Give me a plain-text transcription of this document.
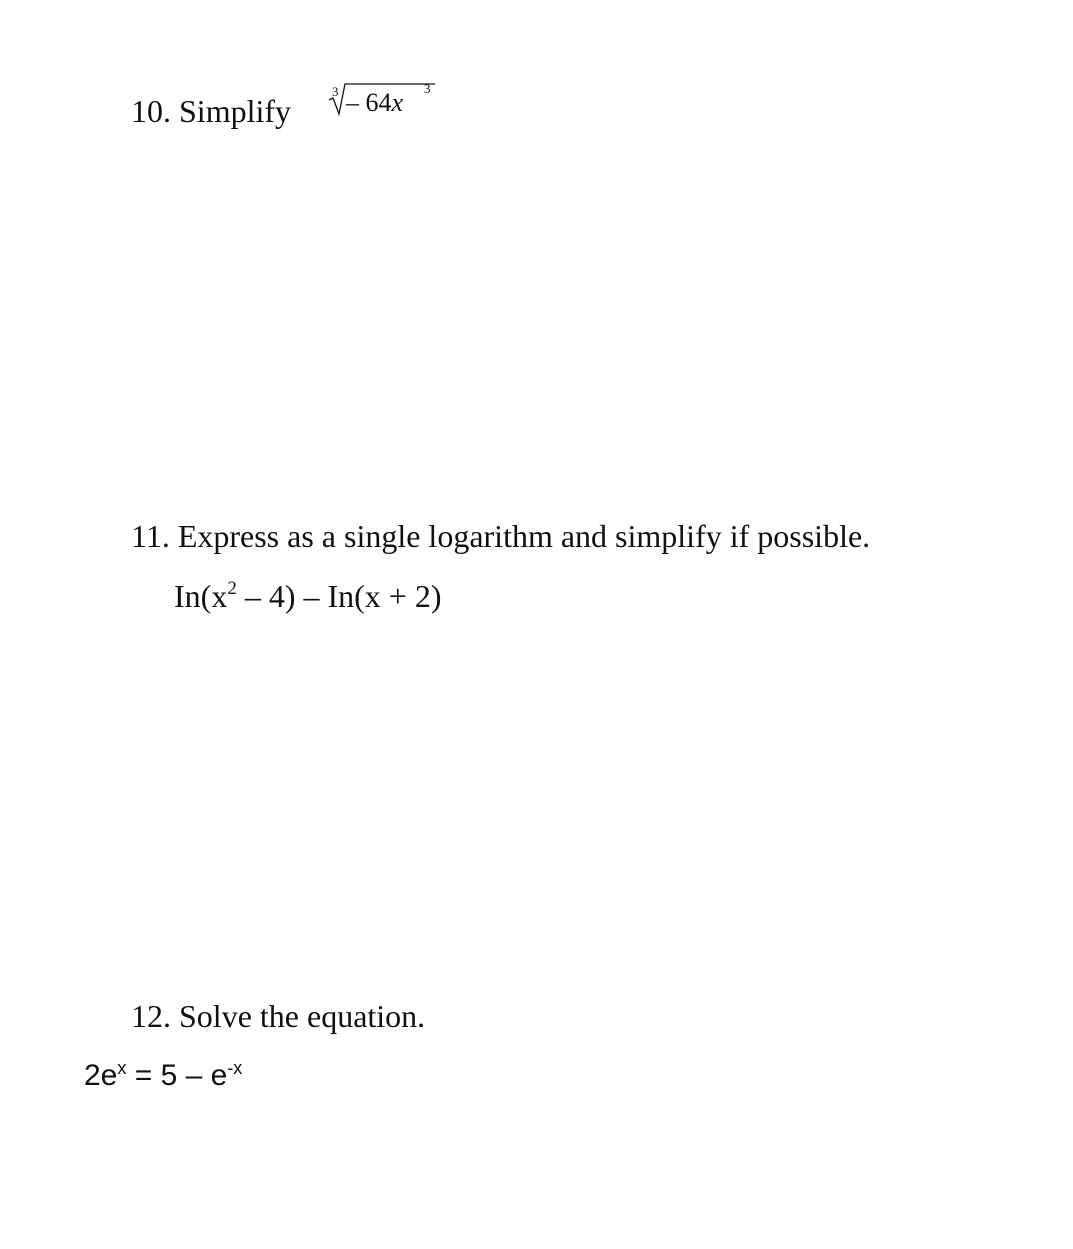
10. Simplify
3 – 64x 3
11. Express as a single logarithm and simplify if possible.
$In(x^2 - 4) - In(x + 2)$
12. Solve the equation.
$2e^x = 5 - e^{-x}$
